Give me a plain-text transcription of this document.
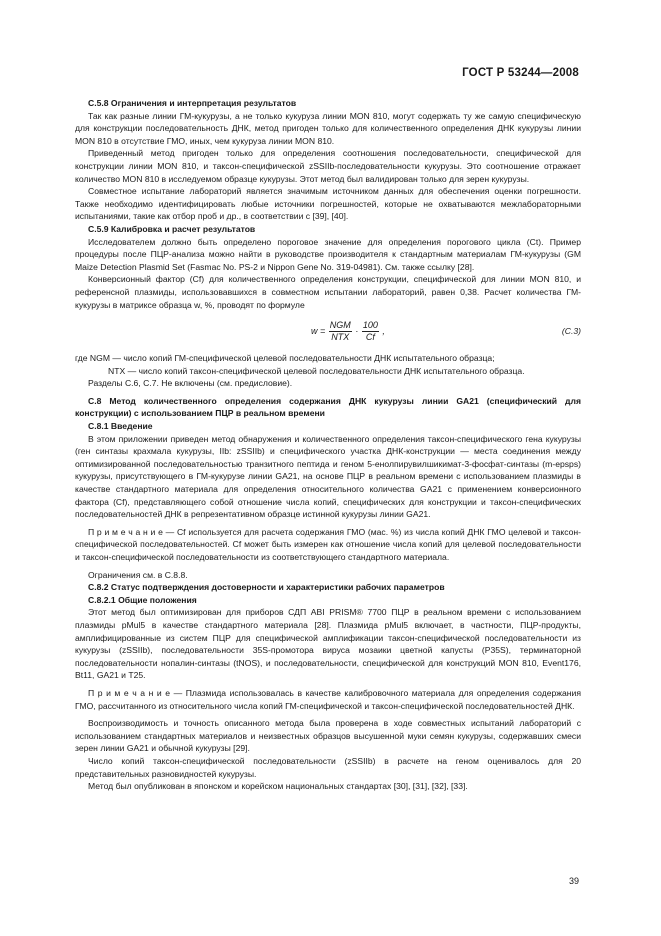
ГОСТ Р 53244—2008

С.5.8 Ограничения и интерпретация результатов

Так как разные линии ГМ-кукурузы, а не только кукуруза линии MON 810, могут содержать ту же самую специфическую для конструкции последовательность ДНК, метод пригоден только для количественного определения ДНК кукурузы линии MON 810 в отсутствие ГМО, иных, чем кукуруза линии MON 810.

Приведенный метод пригоден только для определения соотношения последовательности, специфической для конструкции линии MON 810, и таксон-специфической zSSIIb-последовательности кукурузы. Это соотношение отражает количество MON 810 в исследуемом образце кукурузы. Этот метод был валидирован только для зерен кукурузы.

Совместное испытание лабораторий является значимым источником данных для обеспечения оценки погрешности. Также необходимо идентифицировать любые источники погрешностей, которые не охватываются межлабораторными испытаниями, такие как отбор проб и др., в соответствии с [39], [40].

С.5.9 Калибровка и расчет результатов

Исследователем должно быть определено пороговое значение для определения порогового цикла (Ct). Пример процедуры после ПЦР-анализа можно найти в руководстве производителя к стандартным материалам ГМ-кукурузы (GM Maize Detection Plasmid Set (Fasmac No. PS-2 и Nippon Gene No. 319-04981). См. также ссылку [28].

Конверсионный фактор (Cf) для количественного определения конструкции, специфической для линии MON 810, и референсной плазмиды, использовавшихся в совместном испытании лабораторий, равен 0,38. Расчет количества ГМ-кукурузы в матриксе образца w, %, проводят по формуле

$w = \frac{\text{NGM}}{\text{NTX}} \cdot \frac{100}{Cf}$ ,	(С.3)

где NGM — число копий ГМ-специфической целевой последовательности ДНК испытательного образца;

NTX — число копий таксон-специфической целевой последовательности ДНК испытательного образца.

Разделы С.6, С.7. Не включены (см. предисловие).

С.8 Метод количественного определения содержания ДНК кукурузы линии GA21 (специфический для конструкции) с использованием ПЦР в реальном времени

С.8.1 Введение

В этом приложении приведен метод обнаружения и количественного определения таксон-специфического гена кукурузы (ген синтазы крахмала кукурузы, IIb: zSSIIb) и специфического участка ДНК-конструкции — места соединения между оптимизированной последовательностью транзитного пептида и геном 5-енолпирувилшикимат-3-фосфат-синтазы (m-epsps) кукурузы, присутствующего в ГМ-кукурузе линии GA21, на основе ПЦР в реальном времени с использованием плазмиды в качестве стандартного материала для определения относительного количества GA21 с применением конверсионного фактора (Cf), представляющего собой отношение числа копий, специфических для конструкции и таксон-специфических последовательностей ДНК в репрезентативном образце истинной кукурузы линии GA21.

П р и м е ч а н и е — Cf используется для расчета содержания ГМО (мас. %) из числа копий ДНК ГМО целевой и таксон-специфической последовательностей. Cf может быть измерен как отношение числа копий для целевой последовательности и таксон-специфической последовательности из соответствующего стандартного материала.

Ограничения см. в С.8.8.

С.8.2 Статус подтверждения достоверности и характеристики рабочих параметров

С.8.2.1 Общие положения

Этот метод был оптимизирован для приборов СДП ABI PRISM® 7700 ПЦР в реальном времени с использованием плазмиды pMul5 в качестве стандартного материала [28]. Плазмида pMul5 включает, в частности, ПЦР-продукты, амплифицированные из систем ПЦР для специфической амплификации таксон-специфической последовательности из кукурузы (zSSIIb), последовательности 35S-промотора вируса мозаики цветной капусты (P35S), терминаторной последовательности нопалин-синтазы (tNOS), и последовательности, специфической для конструкций MON 810, Event176, Bt11, GA21 и T25.

П р и м е ч а н и е — Плазмида использовалась в качестве калибровочного материала для определения содержания ГМО, рассчитанного из относительного числа копий ГМ-специфической и таксон-специфической последовательностей ДНК.

Воспроизводимость и точность описанного метода была проверена в ходе совместных испытаний лабораторий с использованием стандартных материалов и неизвестных образцов высушенной муки семян кукурузы, содержавших смеси зерен линии GA21 и обычной кукурузы [29].

Число копий таксон-специфической последовательности (zSSIIb) в расчете на геном оценивалось для 20 представительных разновидностей кукурузы.

Метод был опубликован в японском и корейском национальных стандартах [30], [31], [32], [33].

39
